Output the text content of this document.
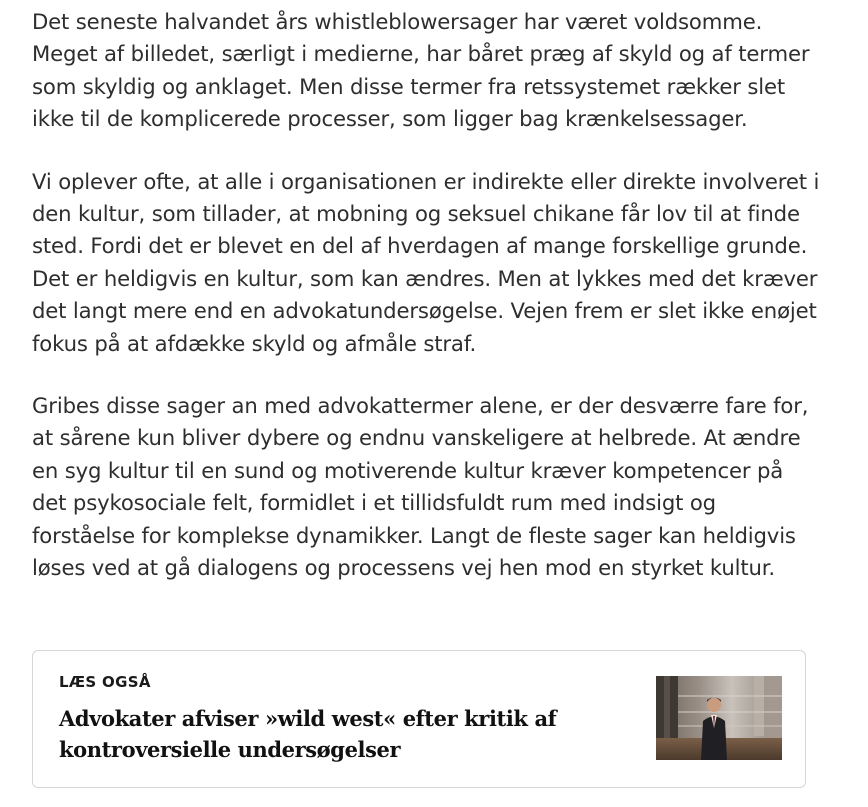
Det seneste halvandet års whistleblowersager har været voldsomme. Meget af billedet, særligt i medierne, har båret præg af skyld og af termer som skyldig og anklaget. Men disse termer fra retssystemet rækker slet ikke til de komplicerede processer, som ligger bag krænkelsessager.

Vi oplever ofte, at alle i organisationen er indirekte eller direkte involveret i den kultur, som tillader, at mobning og seksuel chikane får lov til at finde sted. Fordi det er blevet en del af hverdagen af mange forskellige grunde. Det er heldigvis en kultur, som kan ændres. Men at lykkes med det kræver det langt mere end en advokatundersøgelse. Vejen frem er slet ikke enøjet fokus på at afdække skyld og afmåle straf.

Gribes disse sager an med advokattermer alene, er der desværre fare for, at sårene kun bliver dybere og endnu vanskeligere at helbrede. At ændre en syg kultur til en sund og motiverende kultur kræver kompetencer på det psykosociale felt, formidlet i et tillidsfuldt rum med indsigt og forståelse for komplekse dynamikker. Langt de fleste sager kan heldigvis løses ved at gå dialogens og processens vej hen mod en styrket kultur.

LÆS OGSÅ
Advokater afviser »wild west« efter kritik af kontroversielle undersøgelser
